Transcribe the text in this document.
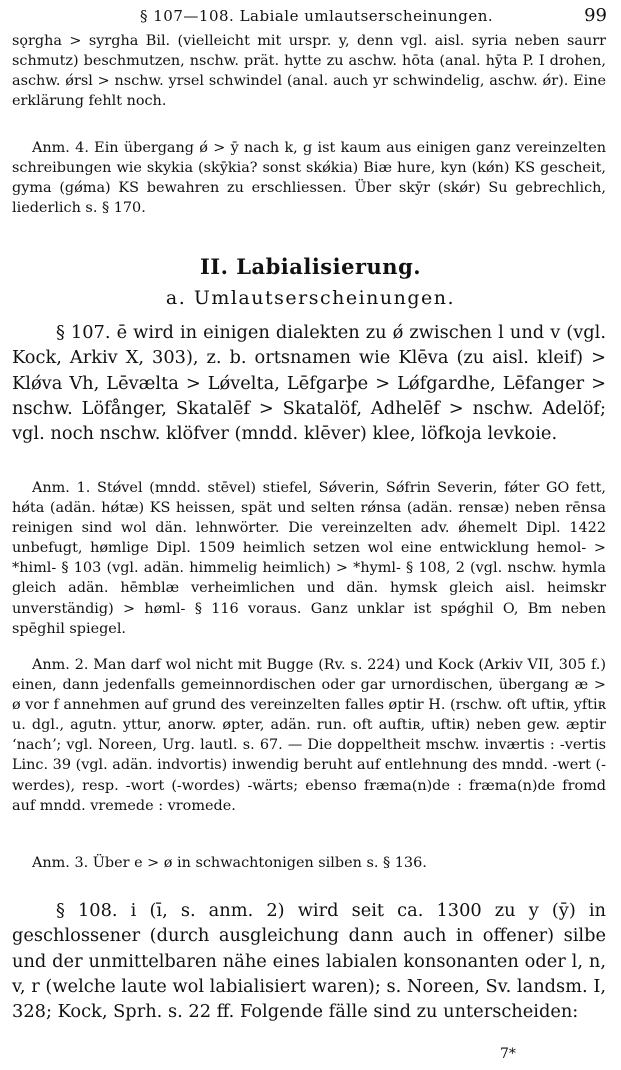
§ 107—108. Labiale umlautserscheinungen.	99

sǫrgha > syrgha Bil. (vielleicht mit urspr. y, denn vgl. aisl. syria neben saurr schmutz) beschmutzen, nschw. prät. hytte zu aschw. hōta (anal. hȳta P. I drohen, aschw. ǿrsl > nschw. yrsel schwindel (anal. auch yr schwindelig, aschw. ǿr). Eine erklärung fehlt noch.

Anm. 4. Ein übergang ǿ > ȳ nach k, g ist kaum aus einigen ganz vereinzelten schreibungen wie skykia (skȳkia? sonst skǿkia) Biæ hure, kyn (kǿn) KS gescheit, gyma (gǿma) KS bewahren zu erschliessen. Über skȳr (skǿr) Su gebrechlich, liederlich s. § 170.

II. Labialisierung.
a. Umlautserscheinungen.

§ 107. ē wird in einigen dialekten zu ǿ zwischen l und v (vgl. Kock, Arkiv X, 303), z. b. ortsnamen wie Klēva (zu aisl. kleif) > Klǿva Vh, Lēvælta > Lǿvelta, Lēfgarþe > Lǿfgardhe, Lēfanger > nschw. Löfånger, Skatalēf > Skatalöf, Adhelēf > nschw. Adelöf; vgl. noch nschw. klöfver (mndd. klēver) klee, löfkoja levkoie.

Anm. 1. Stǿvel (mndd. stēvel) stiefel, Sǿverin, Sǿfrin Severin, fǿter GO fett, hǿta (adän. hǿtæ) KS heissen, spät und selten rǿnsa (adän. rensæ) neben rēnsa reinigen sind wol dän. lehnwörter. Die vereinzelten adv. ǿhemelt Dipl. 1422 unbefugt, hømlige Dipl. 1509 heimlich setzen wol eine entwicklung hemol- > *himl- § 103 (vgl. adän. himmelig heimlich) > *hyml- § 108, 2 (vgl. nschw. hymla gleich adän. hēmblæ verheimlichen und dän. hymsk gleich aisl. heimskr unverständig) > høml- § 116 voraus. Ganz unklar ist spǿghil O, Bm neben spēghil spiegel.

Anm. 2. Man darf wol nicht mit Bugge (Rv. s. 224) und Kock (Arkiv VII, 305 f.) einen, dann jedenfalls gemeinnordischen oder gar urnordischen, übergang æ > ø vor f annehmen auf grund des vereinzelten falles øptir H. (rschw. oft uftiʀ, yftiʀ u. dgl., agutn. yttur, anorw. øpter, adän. run. oft auftiʀ, uftiʀ) neben gew. æptir ʻnachʼ; vgl. Noreen, Urg. lautl. s. 67. — Die doppeltheit mschw. inværtis : -vertis Linc. 39 (vgl. adän. indvortis) inwendig beruht auf entlehnung des mndd. -wert (-werdes), resp. -wort (-wordes) -wärts; ebenso fræma(n)de : fræma(n)de fromd auf mndd. vremede : vromede.

Anm. 3. Über e > ø in schwachtonigen silben s. § 136.

§ 108. i (ī, s. anm. 2) wird seit ca. 1300 zu y (ȳ) in geschlossener (durch ausgleichung dann auch in offener) silbe und der unmittelbaren nähe eines labialen konsonanten oder l, n, v, r (welche laute wol labialisiert waren); s. Noreen, Sv. landsm. I, 328; Kock, Sprh. s. 22 ff. Folgende fälle sind zu unterscheiden:

7*
